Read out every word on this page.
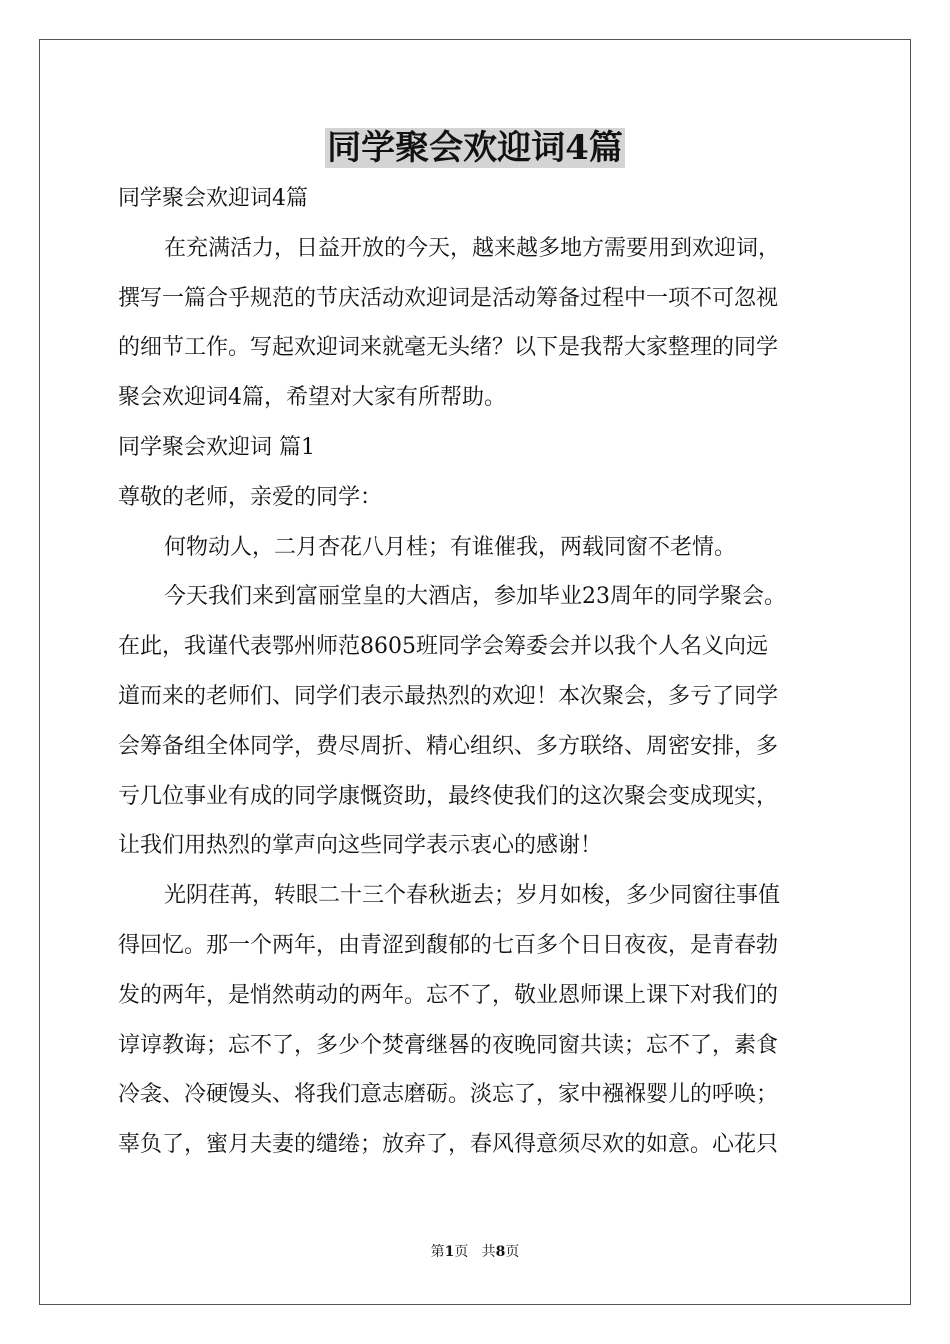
同学聚会欢迎词4篇
同学聚会欢迎词4篇
在充满活力，日益开放的今天，越来越多地方需要用到欢迎词，
撰写一篇合乎规范的节庆活动欢迎词是活动筹备过程中一项不可忽视
的细节工作。写起欢迎词来就毫无头绪？以下是我帮大家整理的同学
聚会欢迎词4篇，希望对大家有所帮助。
同学聚会欢迎词 篇1
尊敬的老师，亲爱的同学：
何物动人，二月杏花八月桂；有谁催我，两载同窗不老情。
今天我们来到富丽堂皇的大酒店，参加毕业23周年的同学聚会。
在此，我谨代表鄂州师范8605班同学会筹委会并以我个人名义向远
道而来的老师们、同学们表示最热烈的欢迎！本次聚会，多亏了同学
会筹备组全体同学，费尽周折、精心组织、多方联络、周密安排，多
亏几位事业有成的同学康慨资助，最终使我们的这次聚会变成现实，
让我们用热烈的掌声向这些同学表示衷心的感谢！
光阴荏苒，转眼二十三个春秋逝去；岁月如梭，多少同窗往事值
得回忆。那一个两年，由青涩到馥郁的七百多个日日夜夜，是青春勃
发的两年，是悄然萌动的两年。忘不了，敬业恩师课上课下对我们的
谆谆教诲；忘不了，多少个焚膏继晷的夜晚同窗共读；忘不了，素食
冷衾、冷硬馒头、将我们意志磨砺。淡忘了，家中襁褓婴儿的呼唤；
辜负了，蜜月夫妻的缱绻；放弃了，春风得意须尽欢的如意。心花只
第1页 共8页
